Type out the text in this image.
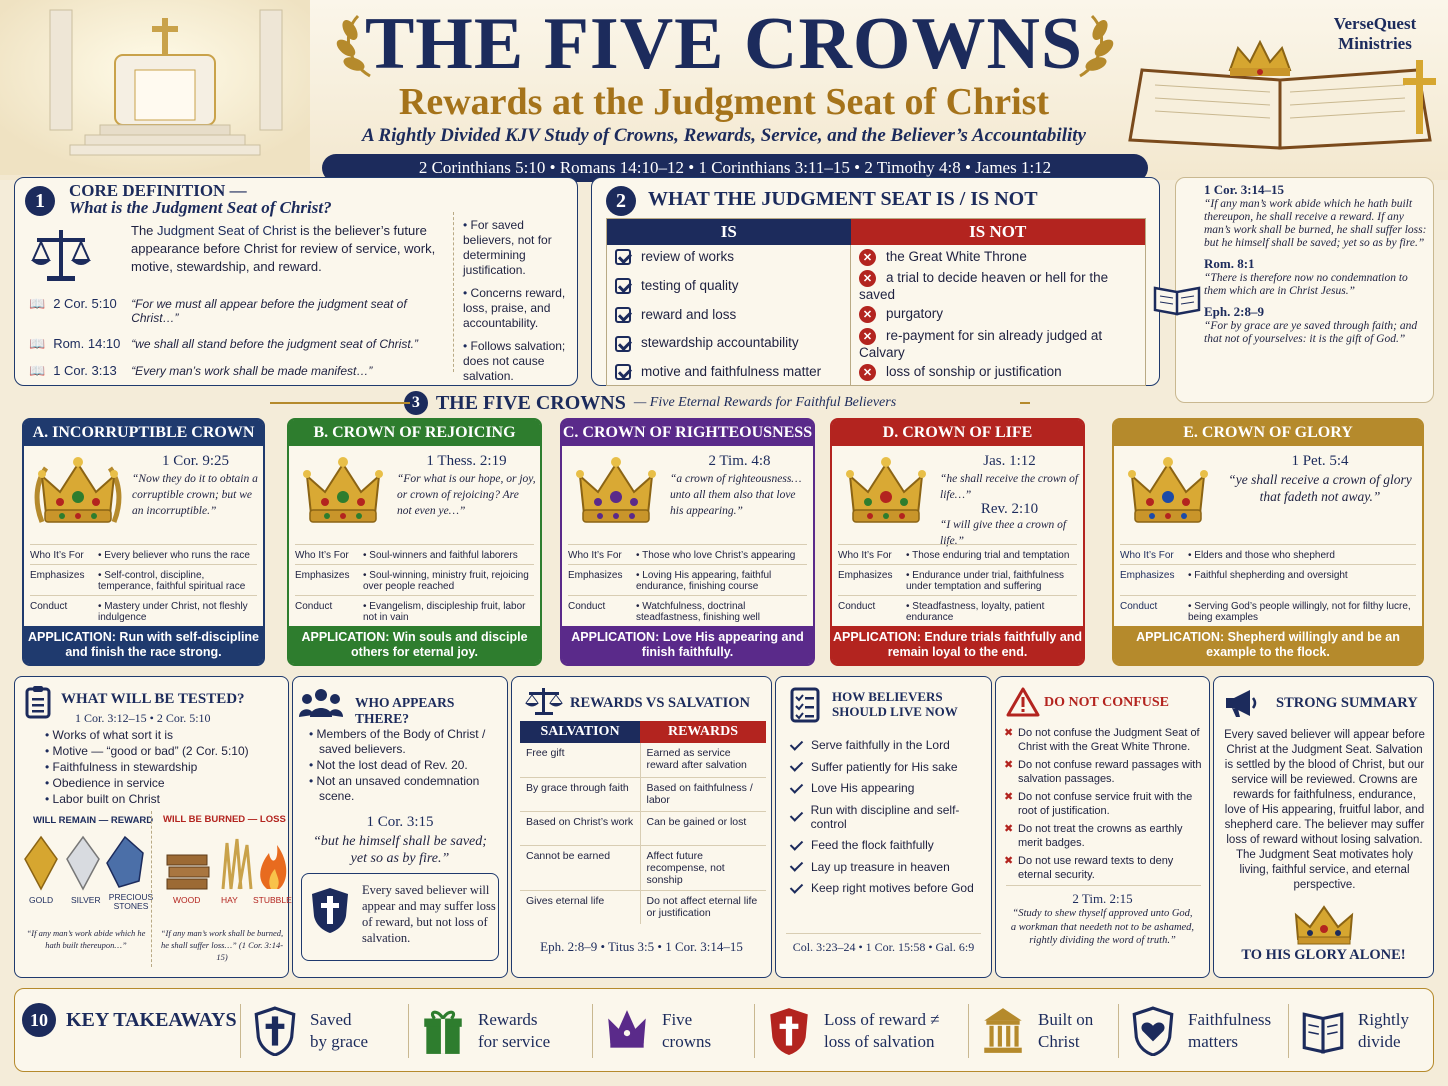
THE FIVE CROWNS
Rewards at the Judgment Seat of Christ
A Rightly Divided KJV Study of Crowns, Rewards, Service, and the Believer’s Accountability
2 Corinthians 5:10 • Romans 14:10–12 • 1 Corinthians 3:11–15 • 2 Timothy 4:8 • James 1:12
VerseQuest
Ministries
1	CORE DEFINITION —
What is the Judgment Seat of Christ?
The Judgment Seat of Christ is the believer’s future appearance before Christ for review of service, work, motive, stewardship, and reward.
📖 2 Cor. 5:10	“For we must all appear before the judgment seat of Christ…”
📖 Rom. 14:10 “we shall all stand before the judgment seat of Christ.”
📖 1 Cor. 3:13	“Every man’s work shall be made manifest…”
• For saved believers, not for determining justification.
• Concerns reward, loss, praise, and accountability.
• Follows salvation; does not cause salvation.
2	WHAT THE JUDGMENT SEAT IS / IS NOT
IS	IS NOT
review of works	✕ the Great White Throne
testing of quality	✕ a trial to decide heaven or hell for the saved
reward and loss	✕ purgatory
stewardship accountability	✕ re-payment for sin already judged at Calvary
motive and faithfulness matter	✕ loss of sonship or justification
1 Cor. 3:14–15
“If any man’s work abide which he hath built thereupon, he shall receive a reward. If any man’s work shall be burned, he shall suffer loss: but he himself shall be saved; yet so as by fire.”
Rom. 8:1
“There is therefore now no condemnation to them which are in Christ Jesus.”
Eph. 2:8–9
“For by grace are ye saved through faith; and that not of yourselves: it is the gift of God.”
3 THE FIVE CROWNS — Five Eternal Rewards for Faithful Believers
A. INCORRUPTIBLE CROWN
1 Cor. 9:25
“Now they do it to obtain a corruptible crown; but we an incorruptible.”
Who It’s For	• Every believer who runs the race
Emphasizes	• Self-control, discipline, temperance, faithful spiritual race
Conduct	• Mastery under Christ, not fleshly indulgence
APPLICATION: Run with self-discipline and finish the race strong.
B. CROWN OF REJOICING
1 Thess. 2:19
“For what is our hope, or joy, or crown of rejoicing? Are not even ye…”
Who It’s For	• Soul-winners and faithful laborers
Emphasizes	• Soul-winning, ministry fruit, rejoicing over people reached
Conduct	• Evangelism, discipleship fruit, labor not in vain
APPLICATION: Win souls and disciple others for eternal joy.
C. CROWN OF RIGHTEOUSNESS
2 Tim. 4:8
“a crown of righteousness… unto all them also that love his appearing.”
Who It’s For	• Those who love Christ’s appearing
Emphasizes	• Loving His appearing, faithful endurance, finishing course
Conduct	• Watchfulness, doctrinal steadfastness, finishing well
APPLICATION: Love His appearing and finish faithfully.
D. CROWN OF LIFE
Jas. 1:12
“he shall receive the crown of life…”
Rev. 2:10
“I will give thee a crown of life.”
Who It’s For	• Those enduring trial and temptation
Emphasizes	• Endurance under trial, faithfulness under temptation and suffering
Conduct	• Steadfastness, loyalty, patient endurance
APPLICATION: Endure trials faithfully and remain loyal to the end.
E. CROWN OF GLORY
1 Pet. 5:4
“ye shall receive a crown of glory that fadeth not away.”
Who It’s For	• Elders and those who shepherd
Emphasizes	• Faithful shepherding and oversight
Conduct	• Serving God’s people willingly, not for filthy lucre, being examples
APPLICATION: Shepherd willingly and be an example to the flock.
WHAT WILL BE TESTED?
1 Cor. 3:12–15 • 2 Cor. 5:10
• Works of what sort it is
• Motive — “good or bad” (2 Cor. 5:10)
• Faithfulness in stewardship
• Obedience in service
• Labor built on Christ
WILL REMAIN — REWARD WILL BE BURNED — LOSS
GOLD SILVER PRECIOUS STONES
WOOD HAY STUBBLE
“If any man’s work abide which he hath built thereupon…”
“If any man’s work shall be burned, he shall suffer loss…” (1 Cor. 3:14-15)
WHO APPEARS THERE?
• Members of the Body of Christ / saved believers.
• Not the lost dead of Rev. 20.
• Not an unsaved condemnation scene.
1 Cor. 3:15
“but he himself shall be saved; yet so as by fire.”
Every saved believer will appear and may suffer loss of reward, but not loss of salvation.
REWARDS VS SALVATION
SALVATION	REWARDS
Free gift	Earned as service reward after salvation
By grace through faith	Based on faithfulness / labor
Based on Christ’s work	Can be gained or lost
Cannot be earned	Affect future recompense, not sonship
Gives eternal life	Do not affect eternal life or justification
Eph. 2:8–9 • Titus 3:5 • 1 Cor. 3:14–15
HOW BELIEVERS
SHOULD LIVE NOW
Serve faithfully in the Lord
Suffer patiently for His sake
Love His appearing
Run with discipline and self-control
Feed the flock faithfully
Lay up treasure in heaven
Keep right motives before God
Col. 3:23–24 • 1 Cor. 15:58 • Gal. 6:9
DO NOT CONFUSE
✖ Do not confuse the Judgment Seat of Christ with the Great White Throne.
✖ Do not confuse reward passages with salvation passages.
✖ Do not confuse service fruit with the root of justification.
✖ Do not treat the crowns as earthly merit badges.
✖ Do not use reward texts to deny eternal security.
2 Tim. 2:15
“Study to shew thyself approved unto God, a workman that needeth not to be ashamed, rightly dividing the word of truth.”
STRONG SUMMARY
Every saved believer will appear before Christ at the Judgment Seat. Salvation is settled by the blood of Christ, but our service will be reviewed. Crowns are rewards for faithfulness, endurance, love of His appearing, fruitful labor, and shepherd care. The believer may suffer loss of reward without losing salvation. The Judgment Seat motivates holy living, faithful service, and eternal perspective.
TO HIS GLORY ALONE!
10 KEY TAKEAWAYS	Saved
by grace
Rewards
for service
Five
crowns
Loss of reward ≠
loss of salvation
Built on
Christ
Faithfulness
matters
Rightly
divide
